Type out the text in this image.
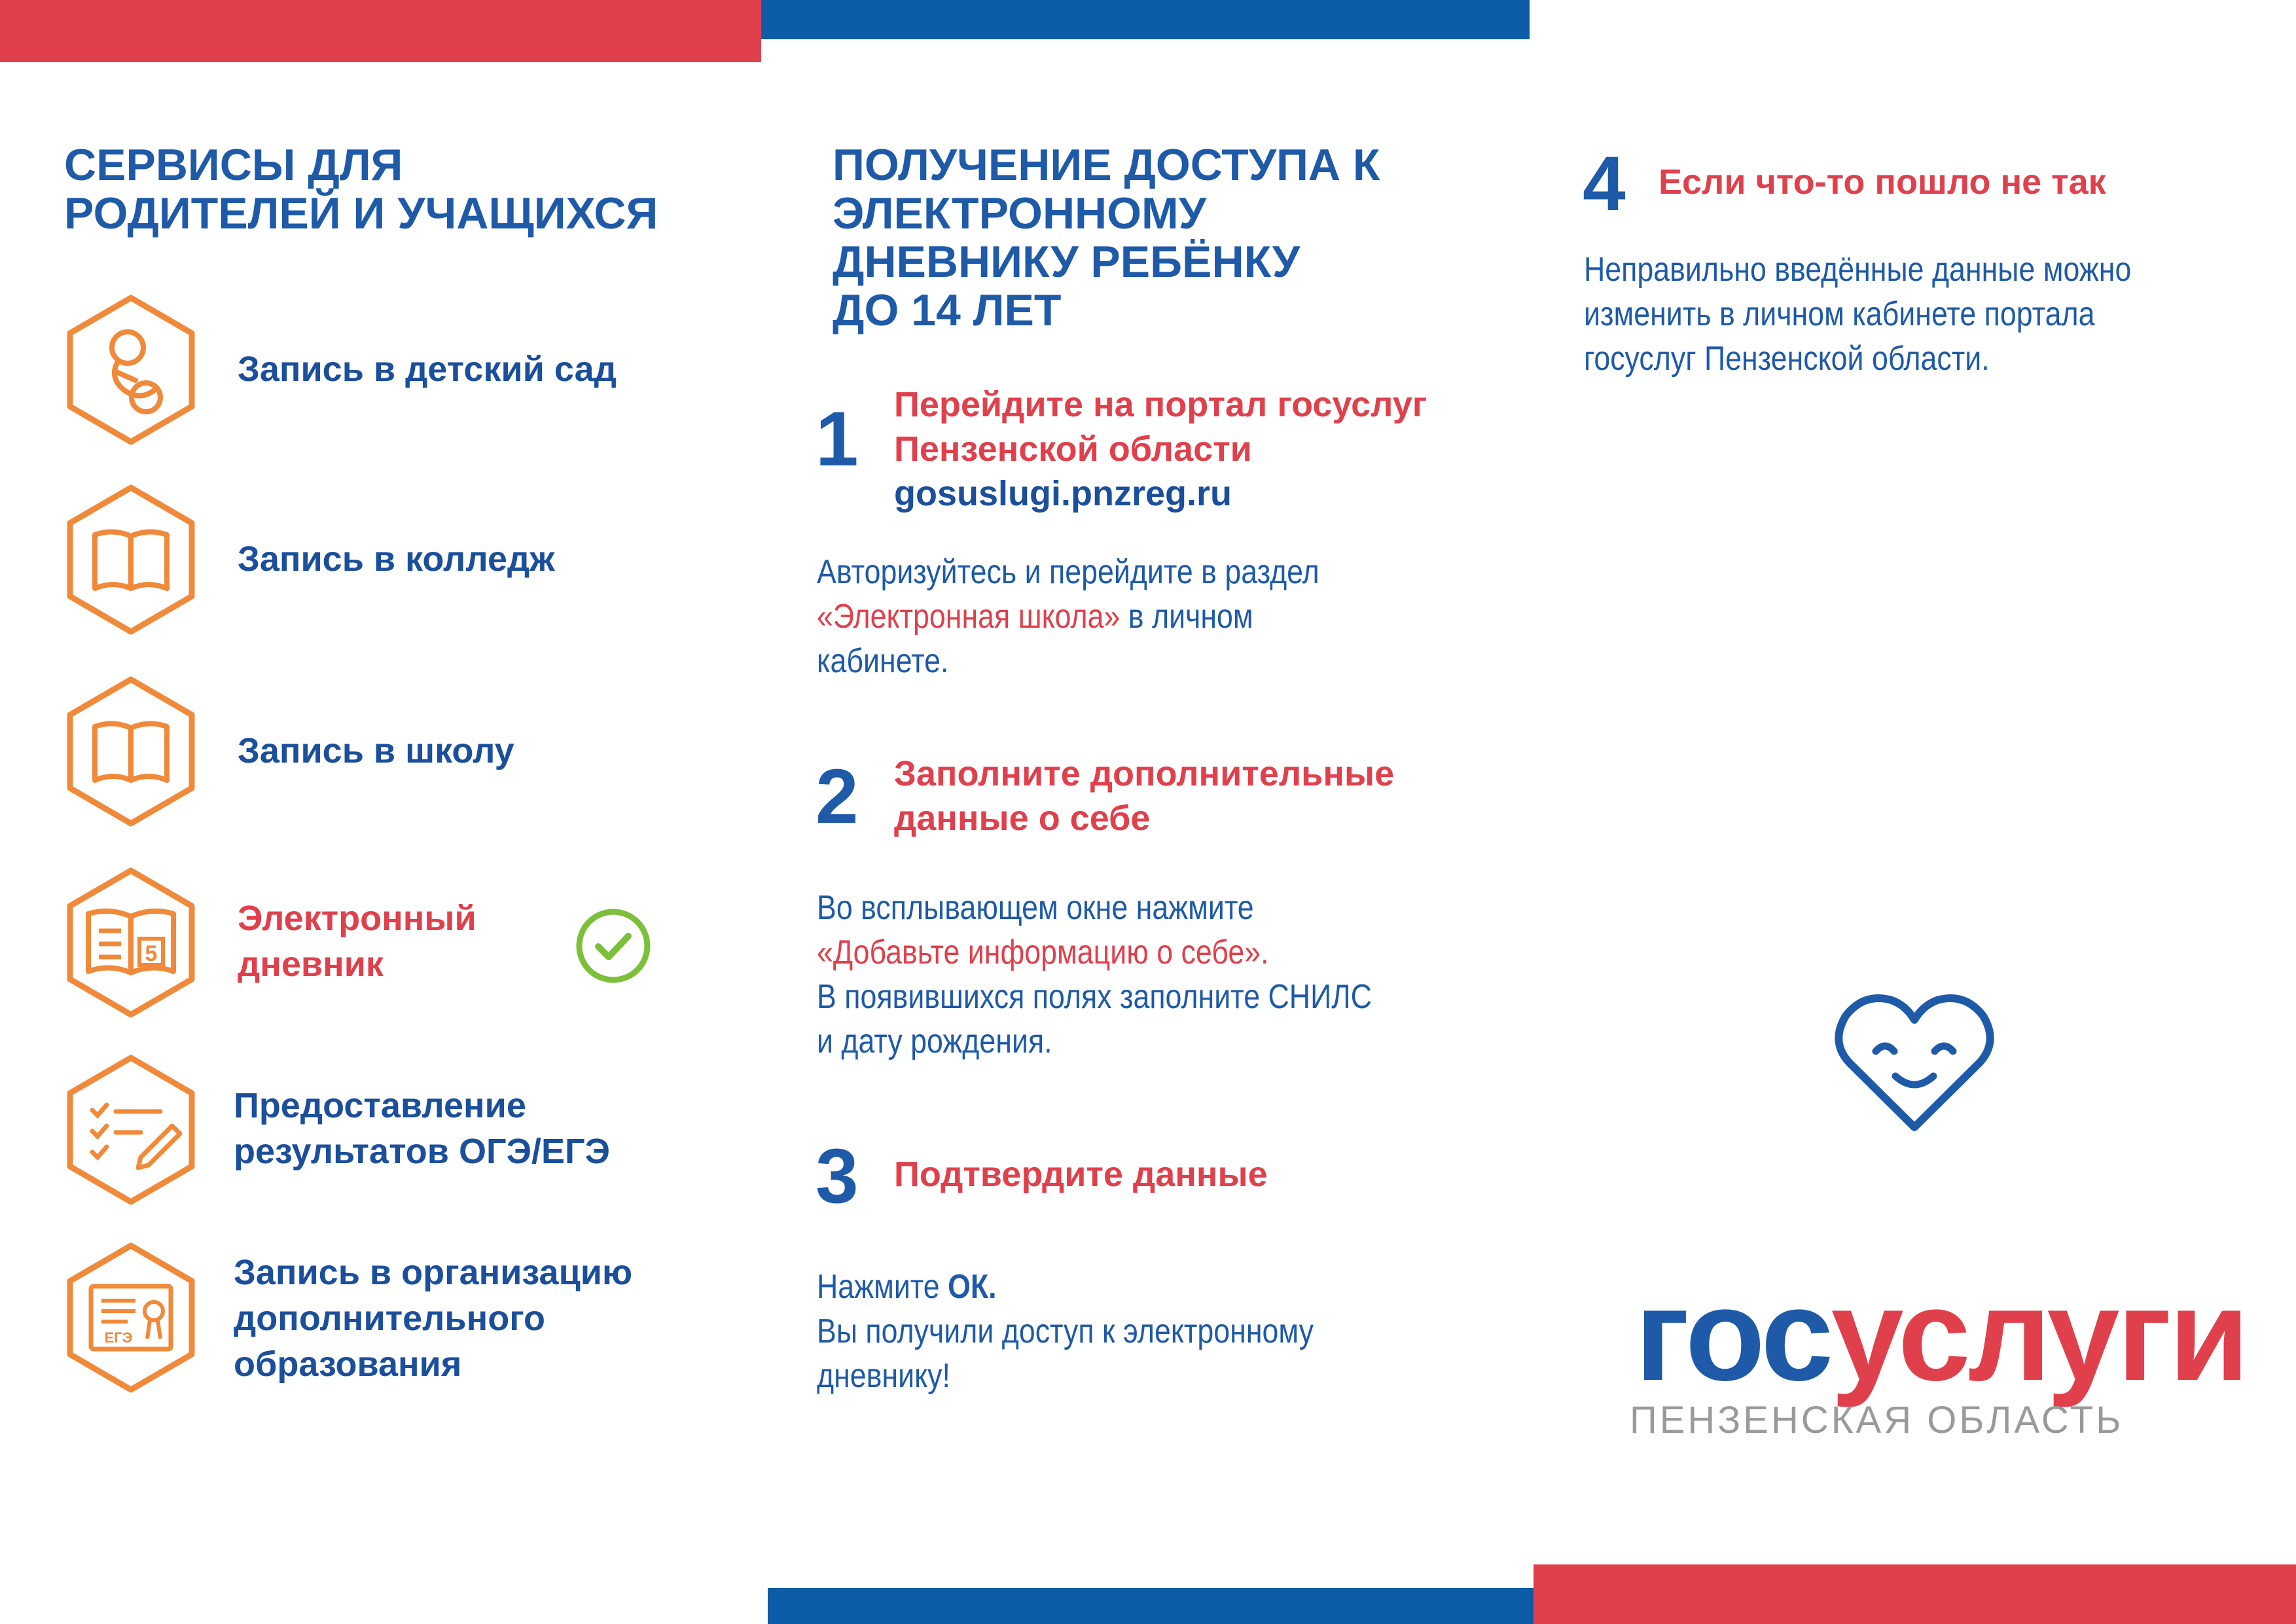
СЕРВИСЫ ДЛЯ
РОДИТЕЛЕЙ И УЧАЩИХСЯ
Запись в детский сад
Запись в колледж
Запись в школу
5
Электронный
дневник
Предоставление
результатов ОГЭ/ЕГЭ
ЕГЭ
Запись в организацию
дополнительного
образования
ПОЛУЧЕНИЕ ДОСТУПА К
ЭЛЕКТРОННОМУ
ДНЕВНИКУ РЕБЁНКУ
ДО 14 ЛЕТ
1 Перейдите на портал госуслуг
Пензенской области
gosuslugi.pnzreg.ru
Авторизуйтесь и перейдите в раздел
«Электронная школа» в личном
кабинете.
2 Заполните дополнительные
данные о себе
Во всплывающем окне нажмите
«Добавьте информацию о себе».
В появившихся полях заполните СНИЛС
и дату рождения.
3 Подтвердите данные
Нажмите ОК.
Вы получили доступ к электронному
дневнику!
4 Если что-то пошло не так
Неправильно введённые данные можно
изменить в личном кабинете портала
госуслуг Пензенской области.
госуслуги
ПЕНЗЕНСКАЯ ОБЛАСТЬ
